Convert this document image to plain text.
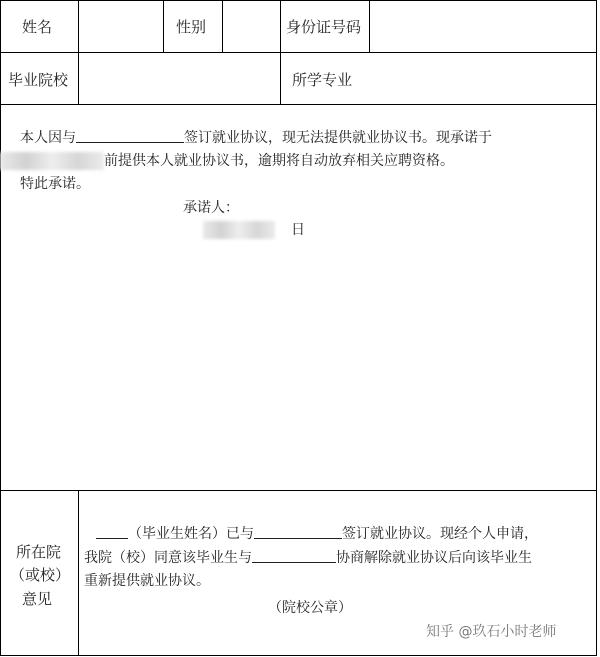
姓名	性别	身份证号码
毕业院校	所学专业
本人因与	签订就业协议，现无法提供就业协议书。现承诺于
前提供本人就业协议书，逾期将自动放弃相关应聘资格。
特此承诺。
承诺人：
日
所在院
（或校）
意见
（毕业生姓名）已与	签订就业协议。现经个人申请，
我院（校）同意该毕业生与	协商解除就业协议后向该毕业生
重新提供就业协议。
（院校公章）
知乎 @玖石小时老师
